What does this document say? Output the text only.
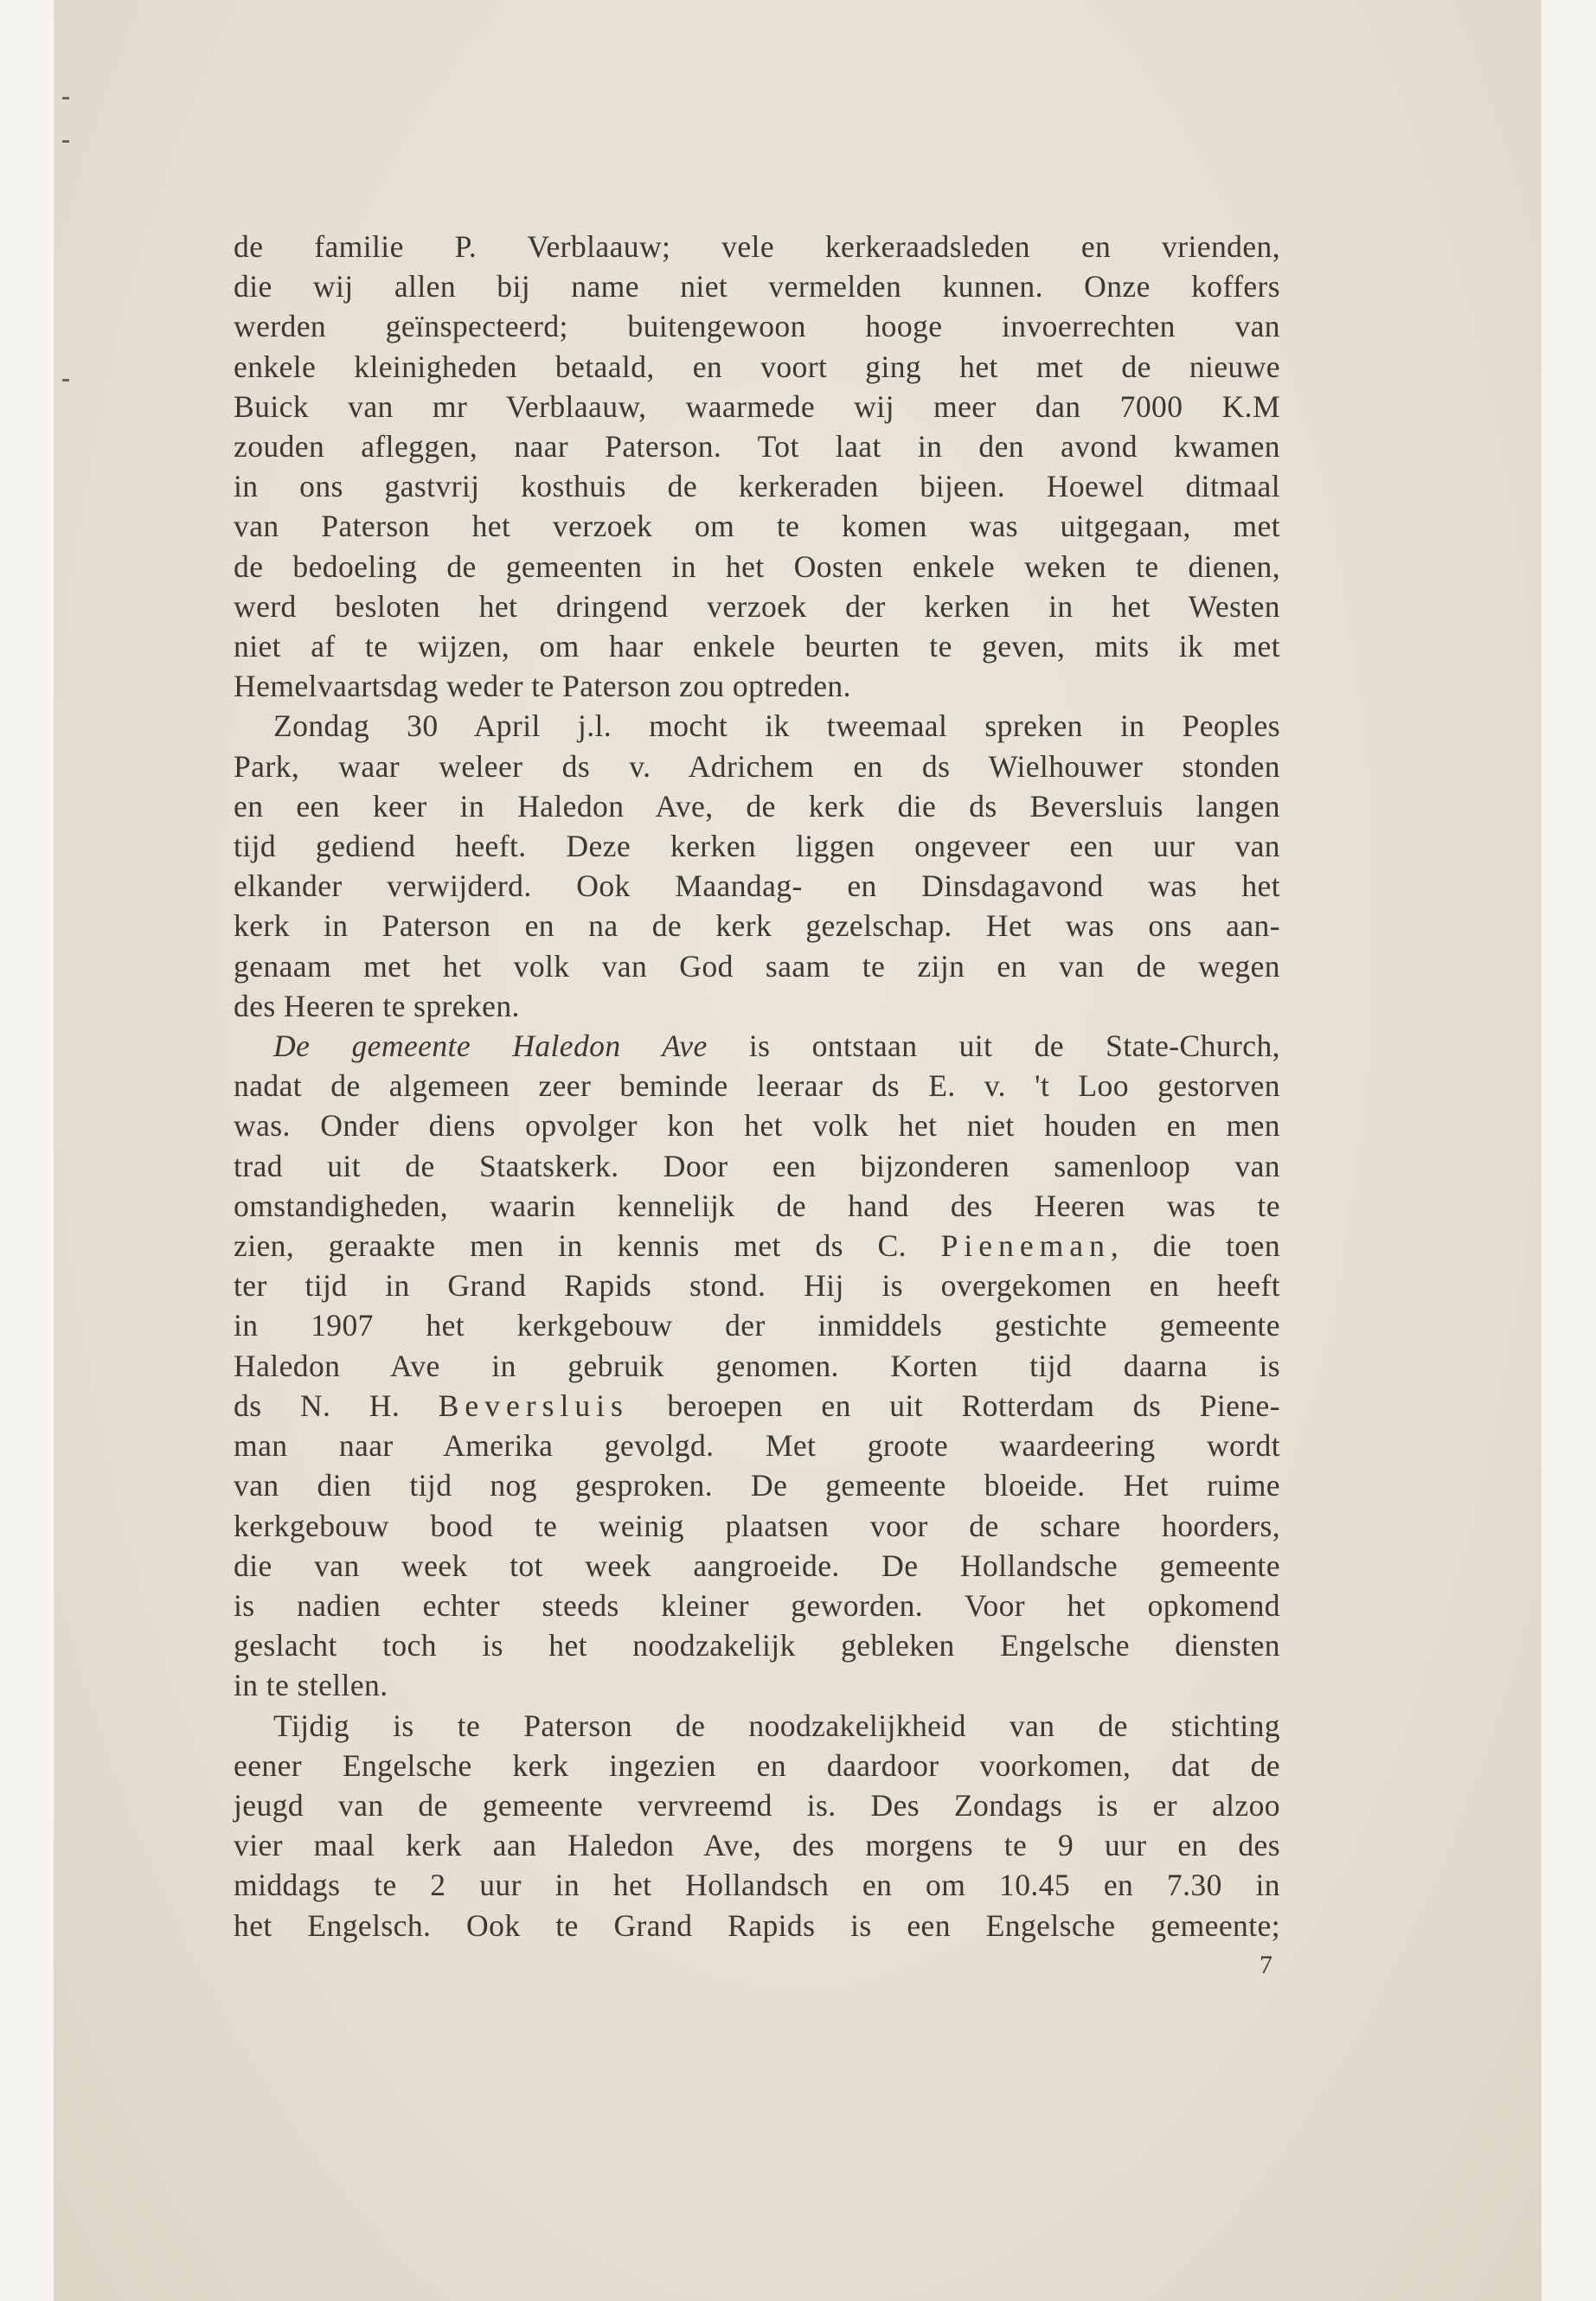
de familie P. Verblaauw; vele kerkeraadsleden en vrienden,
die wij allen bij name niet vermelden kunnen. Onze koffers
werden geïnspecteerd; buitengewoon hooge invoerrechten van
enkele kleinigheden betaald, en voort ging het met de nieuwe
Buick van mr Verblaauw, waarmede wij meer dan 7000 K.M
zouden afleggen, naar Paterson. Tot laat in den avond kwamen
in ons gastvrij kosthuis de kerkeraden bijeen. Hoewel ditmaal
van Paterson het verzoek om te komen was uitgegaan, met
de bedoeling de gemeenten in het Oosten enkele weken te dienen,
werd besloten het dringend verzoek der kerken in het Westen
niet af te wijzen, om haar enkele beurten te geven, mits ik met
Hemelvaartsdag weder te Paterson zou optreden.
Zondag 30 April j.l. mocht ik tweemaal spreken in Peoples
Park, waar weleer ds v. Adrichem en ds Wielhouwer stonden
en een keer in Haledon Ave, de kerk die ds Beversluis langen
tijd gediend heeft. Deze kerken liggen ongeveer een uur van
elkander verwijderd. Ook Maandag- en Dinsdagavond was het
kerk in Paterson en na de kerk gezelschap. Het was ons aan-
genaam met het volk van God saam te zijn en van de wegen
des Heeren te spreken.
De gemeente Haledon Ave is ontstaan uit de State-Church,
nadat de algemeen zeer beminde leeraar ds E. v. 't Loo gestorven
was. Onder diens opvolger kon het volk het niet houden en men
trad uit de Staatskerk. Door een bijzonderen samenloop van
omstandigheden, waarin kennelijk de hand des Heeren was te
zien, geraakte men in kennis met ds C. Pieneman, die toen
ter tijd in Grand Rapids stond. Hij is overgekomen en heeft
in 1907 het kerkgebouw der inmiddels gestichte gemeente
Haledon Ave in gebruik genomen. Korten tijd daarna is
ds N. H. Beversluis beroepen en uit Rotterdam ds Piene-
man naar Amerika gevolgd. Met groote waardeering wordt
van dien tijd nog gesproken. De gemeente bloeide. Het ruime
kerkgebouw bood te weinig plaatsen voor de schare hoorders,
die van week tot week aangroeide. De Hollandsche gemeente
is nadien echter steeds kleiner geworden. Voor het opkomend
geslacht toch is het noodzakelijk gebleken Engelsche diensten
in te stellen.
Tijdig is te Paterson de noodzakelijkheid van de stichting
eener Engelsche kerk ingezien en daardoor voorkomen, dat de
jeugd van de gemeente vervreemd is. Des Zondags is er alzoo
vier maal kerk aan Haledon Ave, des morgens te 9 uur en des
middags te 2 uur in het Hollandsch en om 10.45 en 7.30 in
het Engelsch. Ook te Grand Rapids is een Engelsche gemeente;
7
